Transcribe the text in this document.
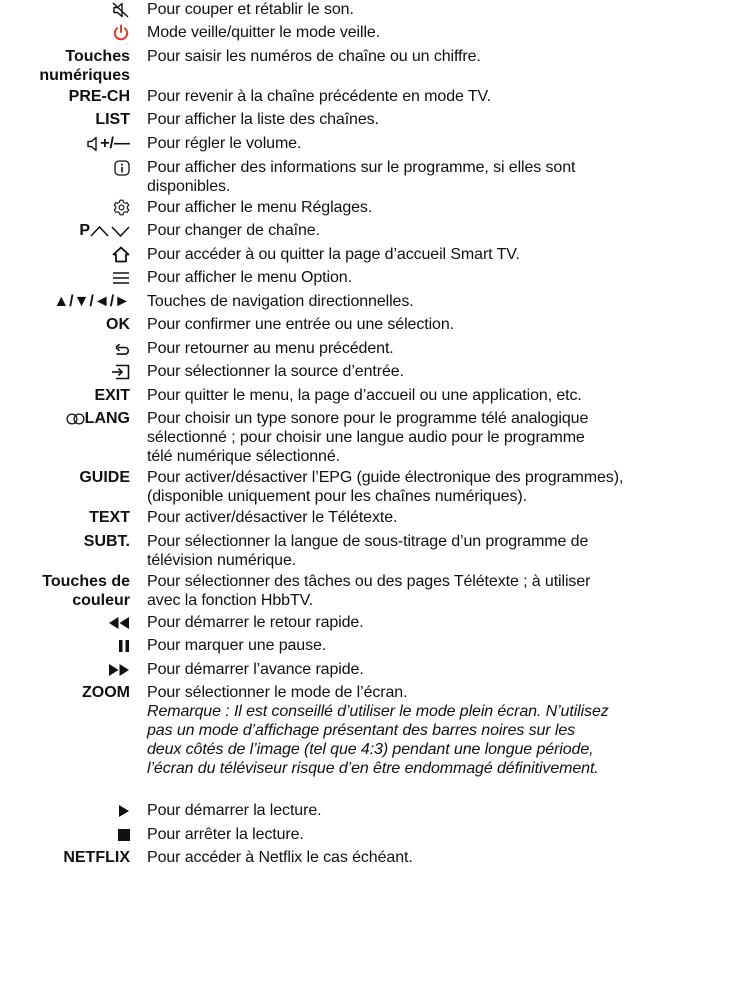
Pour couper et rétablir le son.
Mode veille/quitter le mode veille.
Touches
numériques
Pour saisir les numéros de chaîne ou un chiffre.
PRE-CH Pour revenir à la chaîne précédente en mode TV.
LIST Pour afficher la liste des chaînes.
+/— Pour régler le volume.
Pour afficher des informations sur le programme, si elles sont
disponibles.
Pour afficher le menu Réglages.
P	Pour changer de chaîne.
Pour accéder à ou quitter la page d’accueil Smart TV.
Pour afficher le menu Option.
▲/▼/◄/► Touches de navigation directionnelles.
OK Pour confirmer une entrée ou une sélection.
Pour retourner au menu précédent.
Pour sélectionner la source d’entrée.
EXIT Pour quitter le menu, la page d’accueil ou une application, etc.
LANG Pour choisir un type sonore pour le programme télé analogique
sélectionné ; pour choisir une langue audio pour le programme
télé numérique sélectionné.
GUIDE Pour activer/désactiver l’EPG (guide électronique des programmes),
(disponible uniquement pour les chaînes numériques).
TEXT Pour activer/désactiver le Télétexte.
SUBT. Pour sélectionner la langue de sous-titrage d’un programme de
télévision numérique.
Touches de
couleur
Pour sélectionner des tâches ou des pages Télétexte ; à utiliser
avec la fonction HbbTV.
Pour démarrer le retour rapide.
Pour marquer une pause.
Pour démarrer l’avance rapide.
ZOOM Pour sélectionner le mode de l’écran.
Remarque : Il est conseillé d’utiliser le mode plein écran. N’utilisez
pas un mode d’affichage présentant des barres noires sur les
deux côtés de l’image (tel que 4:3) pendant une longue période,
l’écran du téléviseur risque d’en être endommagé définitivement.
Pour démarrer la lecture.
Pour arrêter la lecture.
NETFLIX Pour accéder à Netflix le cas échéant.
